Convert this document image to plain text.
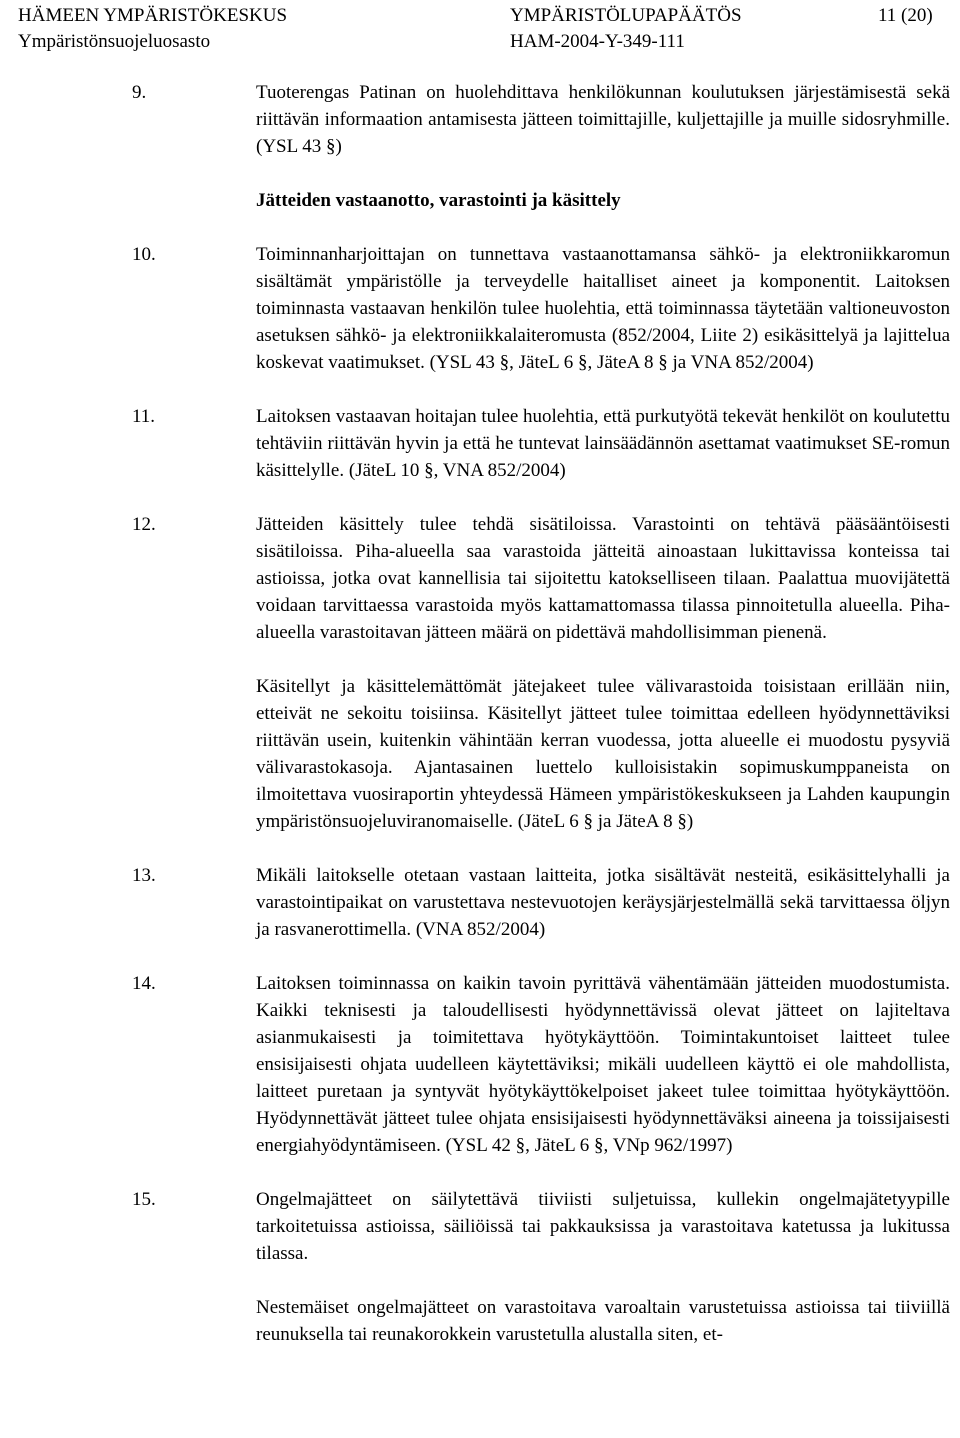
HÄMEEN YMPÄRISTÖKESKUS
Ympäristönsuojeluosasto
YMPÄRISTÖLUPAPÄÄTÖS
HAM-2004-Y-349-111
11 (20)
9.	Tuoterengas Patinan on huolehdittava henkilökunnan koulutuksen järjestämisestä sekä riittävän informaation antamisesta jätteen toimittajille, kuljettajille ja muille sidosryhmille. (YSL 43 §)

Jätteiden vastaanotto, varastointi ja käsittely

10.	Toiminnanharjoittajan on tunnettava vastaanottamansa sähkö- ja elektroniikkaromun sisältämät ympäristölle ja terveydelle haitalliset aineet ja komponentit. Laitoksen toiminnasta vastaavan henkilön tulee huolehtia, että toiminnassa täytetään valtioneuvoston asetuksen sähkö- ja elektroniikkalaiteromusta (852/2004, Liite 2) esikäsittelyä ja lajittelua koskevat vaatimukset. (YSL 43 §, JäteL 6 §, JäteA 8 § ja VNA 852/2004)

11.	Laitoksen vastaavan hoitajan tulee huolehtia, että purkutyötä tekevät henkilöt on koulutettu tehtäviin riittävän hyvin ja että he tuntevat lainsäädännön asettamat vaatimukset SE-romun käsittelylle. (JäteL 10 §, VNA 852/2004)

12.	Jätteiden käsittely tulee tehdä sisätiloissa. Varastointi on tehtävä pääsääntöisesti sisätiloissa. Piha-alueella saa varastoida jätteitä ainoastaan lukittavissa konteissa tai astioissa, jotka ovat kannellisia tai sijoitettu katokselliseen tilaan. Paalattua muovijätettä voidaan tarvittaessa varastoida myös kattamattomassa tilassa pinnoitetulla alueella. Piha-alueella varastoitavan jätteen määrä on pidettävä mahdollisimman pienenä.

Käsitellyt ja käsittelemättömät jätejakeet tulee välivarastoida toisistaan erillään niin, etteivät ne sekoitu toisiinsa. Käsitellyt jätteet tulee toimittaa edelleen hyödynnettäviksi riittävän usein, kuitenkin vähintään kerran vuodessa, jotta alueelle ei muodostu pysyviä välivarastokasoja. Ajantasainen luettelo kulloisistakin sopimuskumppaneista on ilmoitettava vuosiraportin yhteydessä Hämeen ympäristökeskukseen ja Lahden kaupungin ympäristönsuojeluviranomaiselle. (JäteL 6 § ja JäteA 8 §)

13.	Mikäli laitokselle otetaan vastaan laitteita, jotka sisältävät nesteitä, esikäsittelyhalli ja varastointipaikat on varustettava nestevuotojen keräysjärjestelmällä sekä tarvittaessa öljyn ja rasvanerottimella. (VNA 852/2004)

14.	Laitoksen toiminnassa on kaikin tavoin pyrittävä vähentämään jätteiden muodostumista. Kaikki teknisesti ja taloudellisesti hyödynnettävissä olevat jätteet on lajiteltava asianmukaisesti ja toimitettava hyötykäyttöön. Toimintakuntoiset laitteet tulee ensisijaisesti ohjata uudelleen käytettäviksi; mikäli uudelleen käyttö ei ole mahdollista, laitteet puretaan ja syntyvät hyötykäyttökelpoiset jakeet tulee toimittaa hyötykäyttöön. Hyödynnettävät jätteet tulee ohjata ensisijaisesti hyödynnettäväksi aineena ja toissijaisesti energiahyödyntämiseen. (YSL 42 §, JäteL 6 §, VNp 962/1997)

15.	Ongelmajätteet on säilytettävä tiiviisti suljetuissa, kullekin ongelmajätetyypille tarkoitetuissa astioissa, säiliöissä tai pakkauksissa ja varastoitava katetussa ja lukitussa tilassa.

Nestemäiset ongelmajätteet on varastoitava varoaltain varustetuissa astioissa tai tiiviillä reunuksella tai reunakorokkein varustetulla alustalla siten, et-
